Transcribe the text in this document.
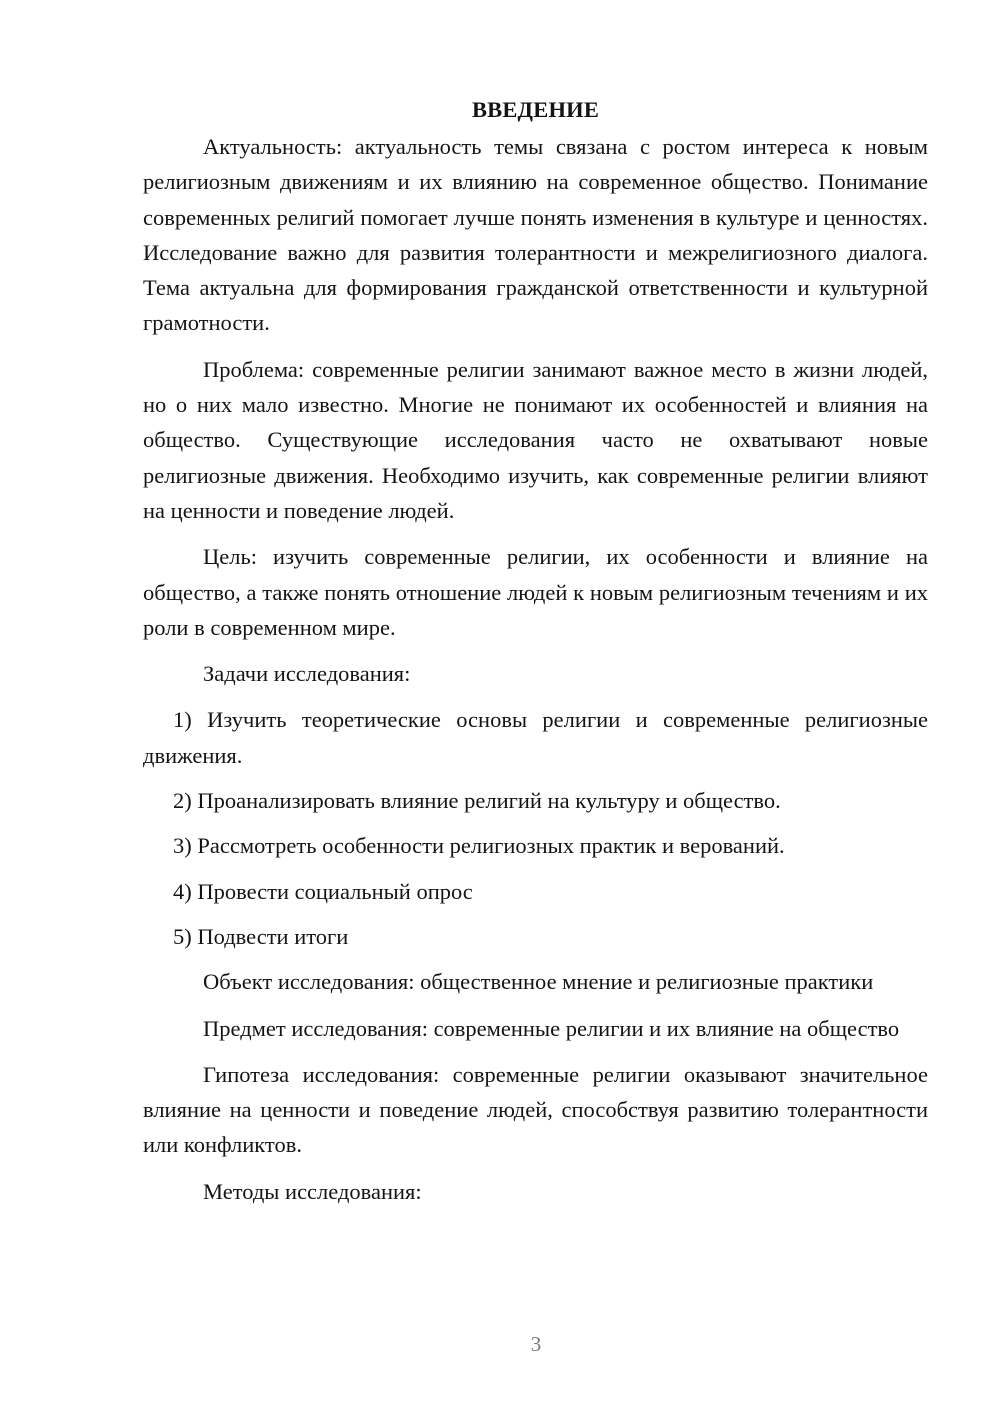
ВВЕДЕНИЕ

Актуальность: актуальность темы связана с ростом интереса к новым религиозным движениям и их влиянию на современное общество. Понимание современных религий помогает лучше понять изменения в культуре и ценностях. Исследование важно для развития толерантности и межрелигиозного диалога. Тема актуальна для формирования гражданской ответственности и культурной грамотности.

Проблема: современные религии занимают важное место в жизни людей, но о них мало известно. Многие не понимают их особенностей и влияния на общество. Существующие исследования часто не охватывают новые религиозные движения. Необходимо изучить, как современные религии влияют на ценности и поведение людей.

Цель: изучить современные религии, их особенности и влияние на общество, а также понять отношение людей к новым религиозным течениям и их роли в современном мире.

Задачи исследования:

1) Изучить теоретические основы религии и современные религиозные движения.

2) Проанализировать влияние религий на культуру и общество.

3) Рассмотреть особенности религиозных практик и верований.

4) Провести социальный опрос

5) Подвести итоги

Объект исследования: общественное мнение и религиозные практики

Предмет исследования: современные религии и их влияние на общество

Гипотеза исследования: современные религии оказывают значительное влияние на ценности и поведение людей, способствуя развитию толерантности или конфликтов.

Методы исследования:

3
